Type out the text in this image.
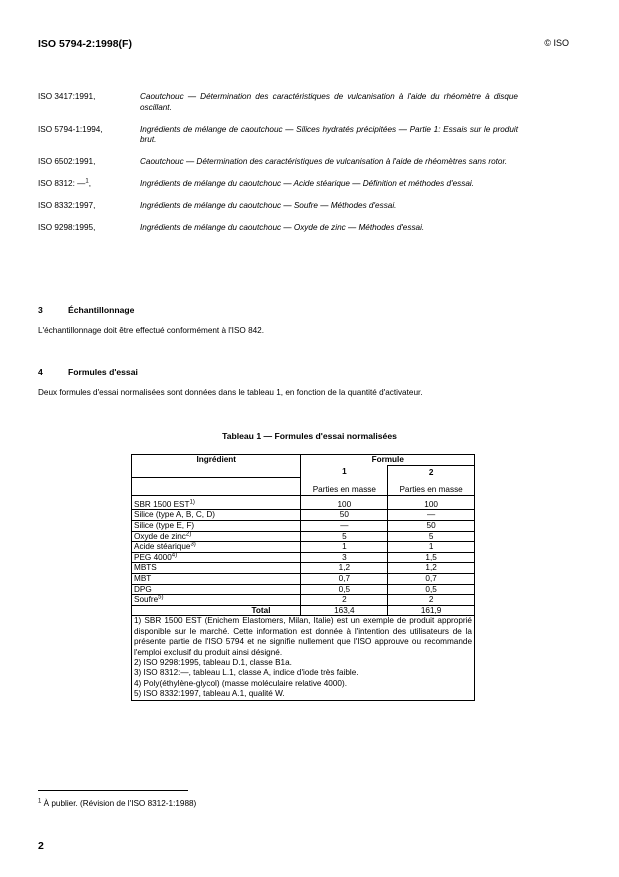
ISO 5794-2:1998(F)	© ISO
ISO 3417:1991,	Caoutchouc — Détermination des caractéristiques de vulcanisation à l'aide du rhéomètre à disque oscillant.
ISO 5794-1:1994,	Ingrédients de mélange de caoutchouc — Silices hydratés précipitées — Partie 1: Essais sur le produit brut.
ISO 6502:1991,	Caoutchouc — Détermination des caractéristiques de vulcanisation à l'aide de rhéomètres sans rotor.
ISO 8312: —$^1$,	Ingrédients de mélange du caoutchouc — Acide stéarique — Définition et méthodes d'essai.
ISO 8332:1997,	Ingrédients de mélange du caoutchouc — Soufre — Méthodes d'essai.
ISO 9298:1995,	Ingrédients de mélange du caoutchouc — Oxyde de zinc — Méthodes d'essai.
3	Échantillonnage
L'échantillonnage doit être effectué conformément à l'ISO 842.
4	Formules d'essai
Deux formules d'essai normalisées sont données dans le tableau 1, en fonction de la quantité d'activateur.
Tableau 1 — Formules d'essai normalisées
Ingrédient	Formule	
	1	2
	Parties en masse	Parties en masse
SBR 1500 EST$^{1)}$	100	100
Silice (type A, B, C, D)	50	—
Silice (type E, F)	—	50
Oxyde de zinc$^{2)}$	5	5
Acide stéarique$^{3)}$	1	1
PEG 4000$^{4)}$	3	1,5
MBTS	1,2	1,2
MBT	0,7	0,7
DPG	0,5	0,5
Soufre$^{5)}$	2	2
Total	163,4	161,9

1) SBR 1500 EST (Enichem Elastomers, Milan, Italie) est un exemple de produit approprié disponible sur le marché. Cette information est donnée à l'intention des utilisateurs de la présente partie de l'ISO 5794 et ne signifie nullement que l'ISO approuve ou recommande l'emploi exclusif du produit ainsi désigné.
2) ISO 9298:1995, tableau D.1, classe B1a.
3) ISO 8312:—, tableau L.1, classe A, indice d'iode très faible.
4) Poly(éthylène-glycol) (masse moléculaire relative 4000).
5) ISO 8332:1997, tableau A.1, qualité W.		
$^1$ À publier. (Révision de l'ISO 8312-1:1988)
2
